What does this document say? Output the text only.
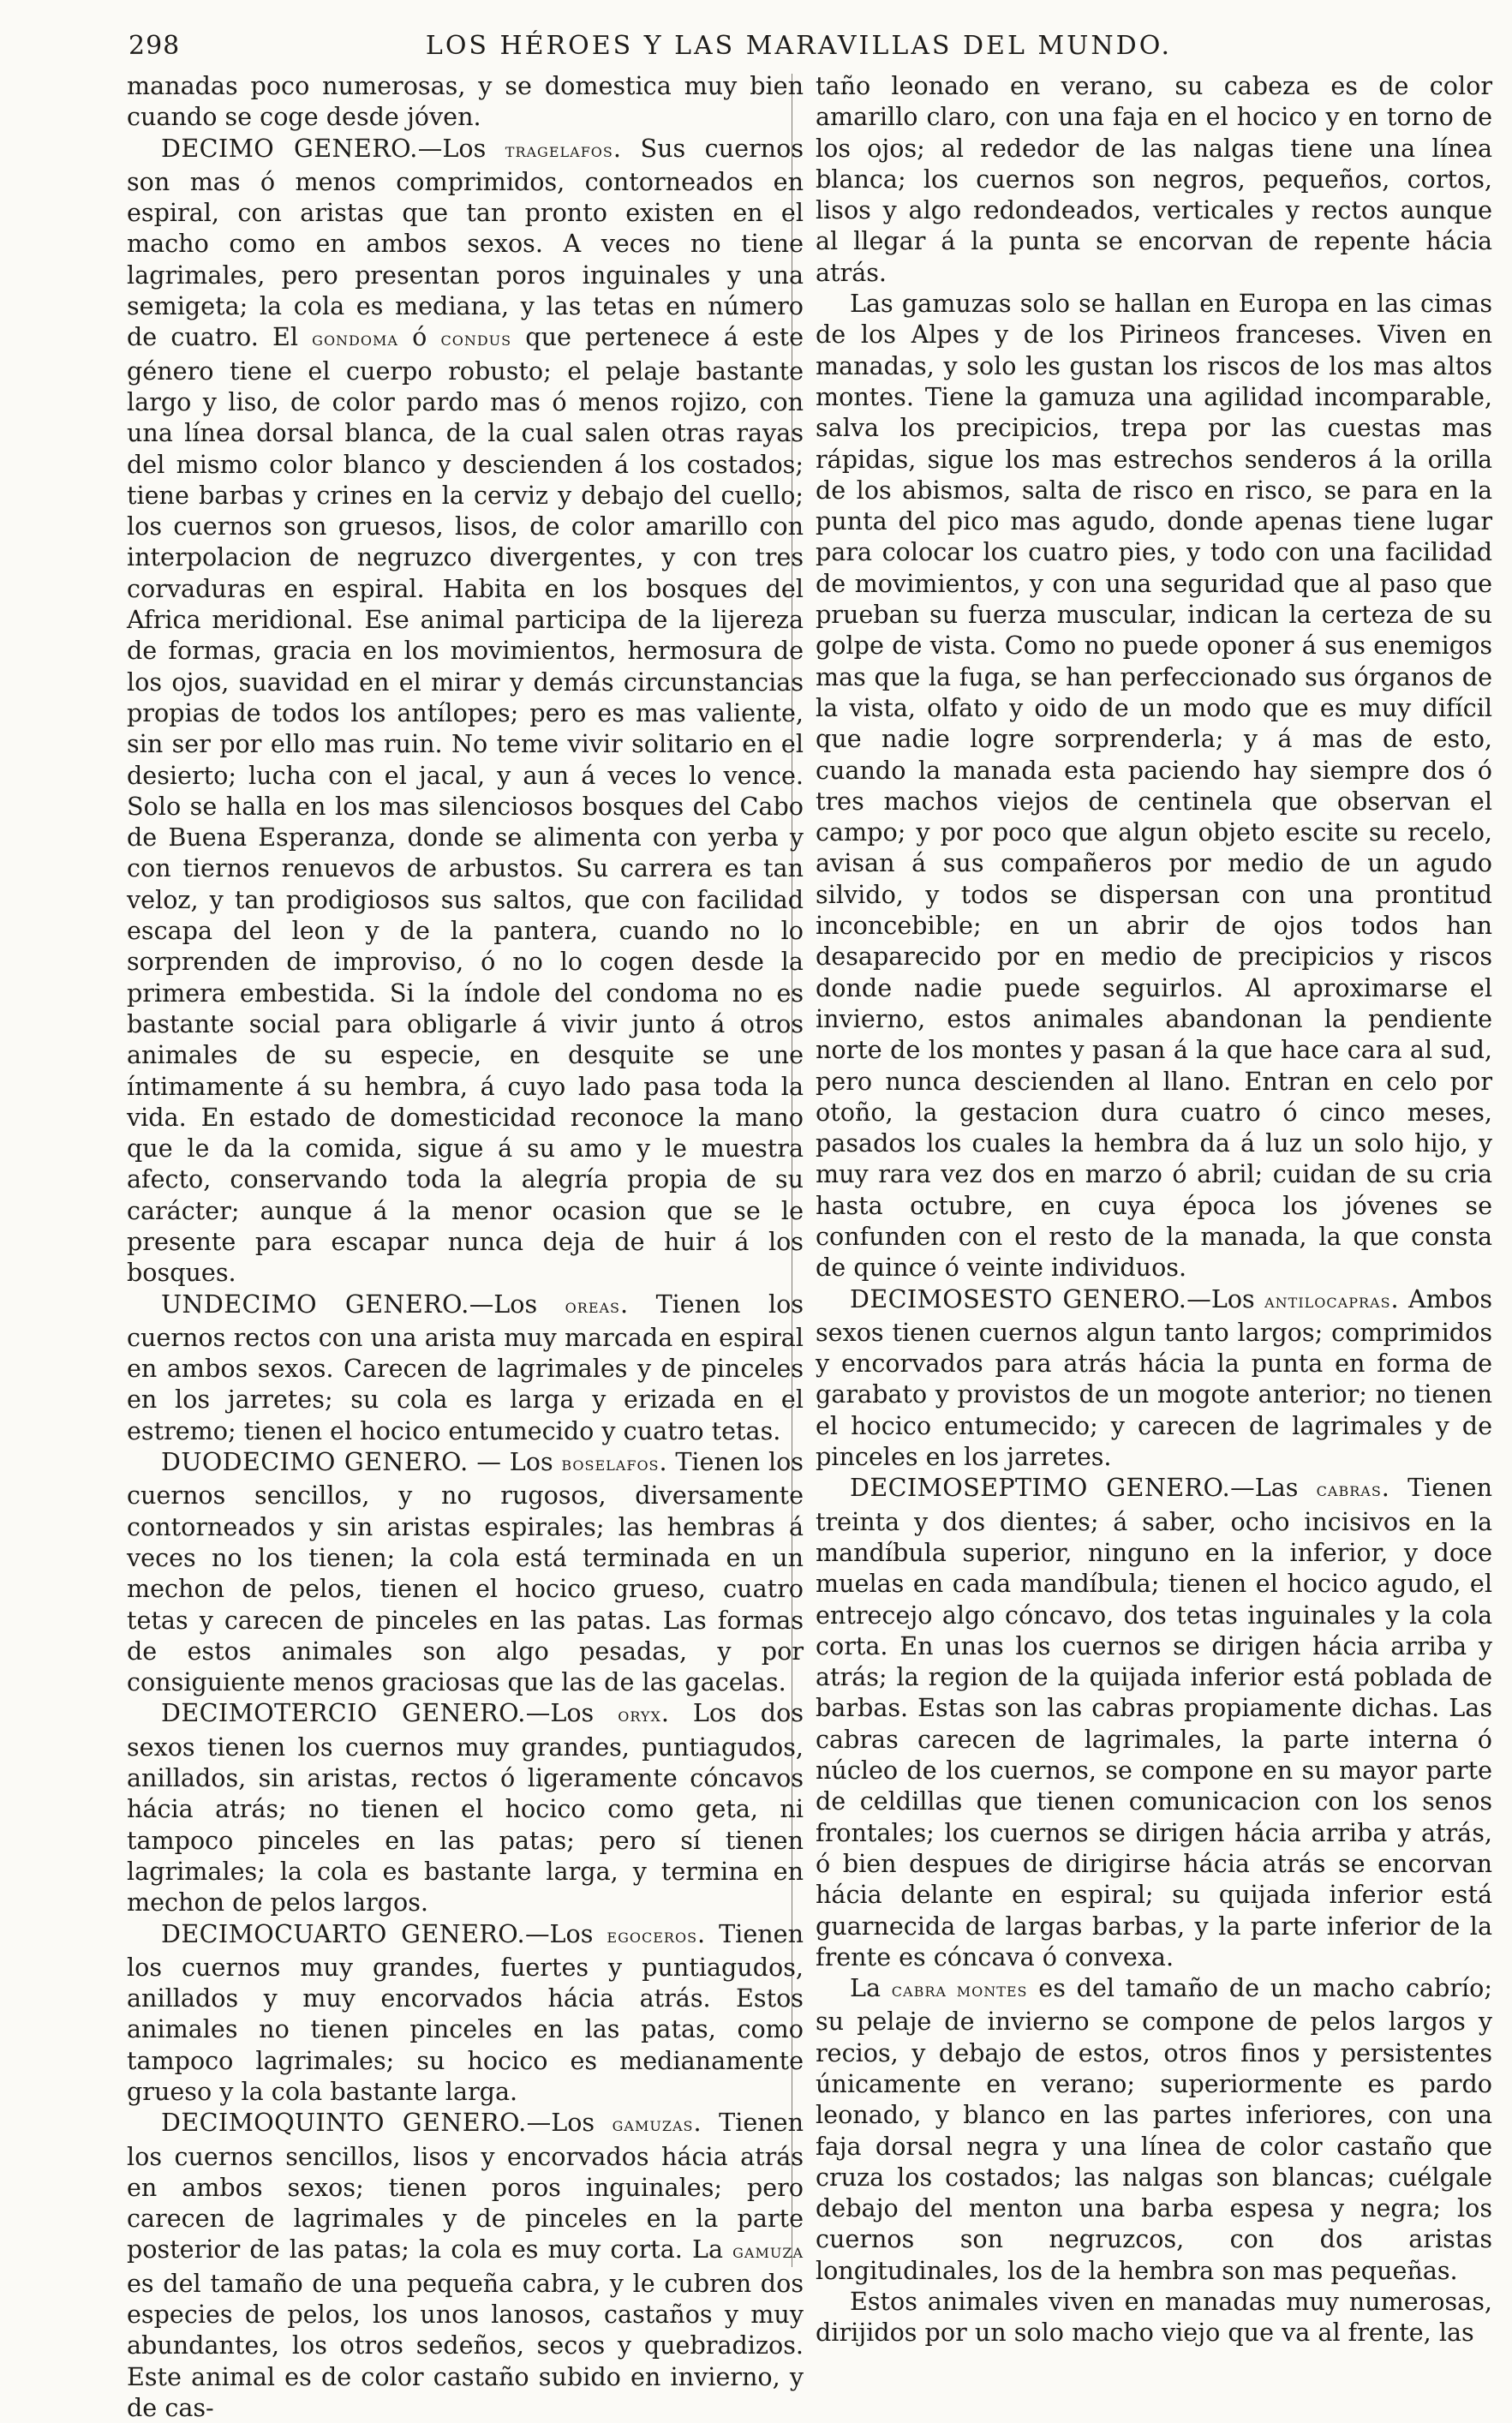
298	LOS HÉROES Y LAS MARAVILLAS DEL MUNDO.

manadas poco numerosas, y se domestica muy bien cuando se coge desde jóven.

DECIMO GENERO.—Los tragelafos. Sus cuernos son mas ó menos comprimidos, contorneados en espiral, con aristas que tan pronto existen en el macho como en ambos sexos. A veces no tiene lagrimales, pero presentan poros inguinales y una semigeta; la cola es mediana, y las tetas en número de cuatro. El gondoma ó condus que pertenece á este género tiene el cuerpo robusto; el pelaje bastante largo y liso, de color pardo mas ó menos rojizo, con una línea dorsal blanca, de la cual salen otras rayas del mismo color blanco y descienden á los costados; tiene barbas y crines en la cerviz y debajo del cuello; los cuernos son gruesos, lisos, de color amarillo con interpolacion de negruzco divergentes, y con tres corvaduras en espiral. Habita en los bosques del Africa meridional. Ese animal participa de la lijereza de formas, gracia en los movimientos, hermosura de los ojos, suavidad en el mirar y demás circunstancias propias de todos los antílopes; pero es mas valiente, sin ser por ello mas ruin. No teme vivir solitario en el desierto; lucha con el jacal, y aun á veces lo vence. Solo se halla en los mas silenciosos bosques del Cabo de Buena Esperanza, donde se alimenta con yerba y con tiernos renuevos de arbustos. Su carrera es tan veloz, y tan prodigiosos sus saltos, que con facilidad escapa del leon y de la pantera, cuando no lo sorprenden de improviso, ó no lo cogen desde la primera embestida. Si la índole del condoma no es bastante social para obligarle á vivir junto á otros animales de su especie, en desquite se une íntimamente á su hembra, á cuyo lado pasa toda la vida. En estado de domesticidad reconoce la mano que le da la comida, sigue á su amo y le muestra afecto, conservando toda la alegría propia de su carácter; aunque á la menor ocasion que se le presente para escapar nunca deja de huir á los bosques.

UNDECIMO GENERO.—Los oreas. Tienen los cuernos rectos con una arista muy marcada en espiral en ambos sexos. Carecen de lagrimales y de pinceles en los jarretes; su cola es larga y erizada en el estremo; tienen el hocico entumecido y cuatro tetas.

DUODECIMO GENERO. — Los boselafos. Tienen los cuernos sencillos, y no rugosos, diversamente contorneados y sin aristas espirales; las hembras á veces no los tienen; la cola está terminada en un mechon de pelos, tienen el hocico grueso, cuatro tetas y carecen de pinceles en las patas. Las formas de estos animales son algo pesadas, y por consiguiente menos graciosas que las de las gacelas.

DECIMOTERCIO GENERO.—Los oryx. Los dos sexos tienen los cuernos muy grandes, puntiagudos, anillados, sin aristas, rectos ó ligeramente cóncavos hácia atrás; no tienen el hocico como geta, ni tampoco pinceles en las patas; pero sí tienen lagrimales; la cola es bastante larga, y termina en mechon de pelos largos.

DECIMOCUARTO GENERO.—Los egoceros. Tienen los cuernos muy grandes, fuertes y puntiagudos, anillados y muy encorvados hácia atrás. Estos animales no tienen pinceles en las patas, como tampoco lagrimales; su hocico es medianamente grueso y la cola bastante larga.

DECIMOQUINTO GENERO.—Los gamuzas. Tienen los cuernos sencillos, lisos y encorvados hácia atrás en ambos sexos; tienen poros inguinales; pero carecen de lagrimales y de pinceles en la parte posterior de las patas; la cola es muy corta. La gamuza es del tamaño de una pequeña cabra, y le cubren dos especies de pelos, los unos lanosos, castaños y muy abundantes, los otros sedeños, secos y quebradizos. Este animal es de color castaño subido en invierno, y de cas-

taño leonado en verano, su cabeza es de color amarillo claro, con una faja en el hocico y en torno de los ojos; al rededor de las nalgas tiene una línea blanca; los cuernos son negros, pequeños, cortos, lisos y algo redondeados, verticales y rectos aunque al llegar á la punta se encorvan de repente hácia atrás.

Las gamuzas solo se hallan en Europa en las cimas de los Alpes y de los Pirineos franceses. Viven en manadas, y solo les gustan los riscos de los mas altos montes. Tiene la gamuza una agilidad incomparable, salva los precipicios, trepa por las cuestas mas rápidas, sigue los mas estrechos senderos á la orilla de los abismos, salta de risco en risco, se para en la punta del pico mas agudo, donde apenas tiene lugar para colocar los cuatro pies, y todo con una facilidad de movimientos, y con una seguridad que al paso que prueban su fuerza muscular, indican la certeza de su golpe de vista. Como no puede oponer á sus enemigos mas que la fuga, se han perfeccionado sus órganos de la vista, olfato y oido de un modo que es muy difícil que nadie logre sorprenderla; y á mas de esto, cuando la manada esta paciendo hay siempre dos ó tres machos viejos de centinela que observan el campo; y por poco que algun objeto escite su recelo, avisan á sus compañeros por medio de un agudo silvido, y todos se dispersan con una prontitud inconcebible; en un abrir de ojos todos han desaparecido por en medio de precipicios y riscos donde nadie puede seguirlos. Al aproximarse el invierno, estos animales abandonan la pendiente norte de los montes y pasan á la que hace cara al sud, pero nunca descienden al llano. Entran en celo por otoño, la gestacion dura cuatro ó cinco meses, pasados los cuales la hembra da á luz un solo hijo, y muy rara vez dos en marzo ó abril; cuidan de su cria hasta octubre, en cuya época los jóvenes se confunden con el resto de la manada, la que consta de quince ó veinte individuos.

DECIMOSESTO GENERO.—Los antilocapras. Ambos sexos tienen cuernos algun tanto largos; comprimidos y encorvados para atrás hácia la punta en forma de garabato y provistos de un mogote anterior; no tienen el hocico entumecido; y carecen de lagrimales y de pinceles en los jarretes.

DECIMOSEPTIMO GENERO.—Las cabras. Tienen treinta y dos dientes; á saber, ocho incisivos en la mandíbula superior, ninguno en la inferior, y doce muelas en cada mandíbula; tienen el hocico agudo, el entrecejo algo cóncavo, dos tetas inguinales y la cola corta. En unas los cuernos se dirigen hácia arriba y atrás; la region de la quijada inferior está poblada de barbas. Estas son las cabras propiamente dichas. Las cabras carecen de lagrimales, la parte interna ó núcleo de los cuernos, se compone en su mayor parte de celdillas que tienen comunicacion con los senos frontales; los cuernos se dirigen hácia arriba y atrás, ó bien despues de dirigirse hácia atrás se encorvan hácia delante en espiral; su quijada inferior está guarnecida de largas barbas, y la parte inferior de la frente es cóncava ó convexa.

La cabra montes es del tamaño de un macho cabrío; su pelaje de invierno se compone de pelos largos y recios, y debajo de estos, otros finos y persistentes únicamente en verano; superiormente es pardo leonado, y blanco en las partes inferiores, con una faja dorsal negra y una línea de color castaño que cruza los costados; las nalgas son blancas; cuélgale debajo del menton una barba espesa y negra; los cuernos son negruzcos, con dos aristas longitudinales, los de la hembra son mas pequeñas.

Estos animales viven en manadas muy numerosas, dirijidos por un solo macho viejo que va al frente, las
